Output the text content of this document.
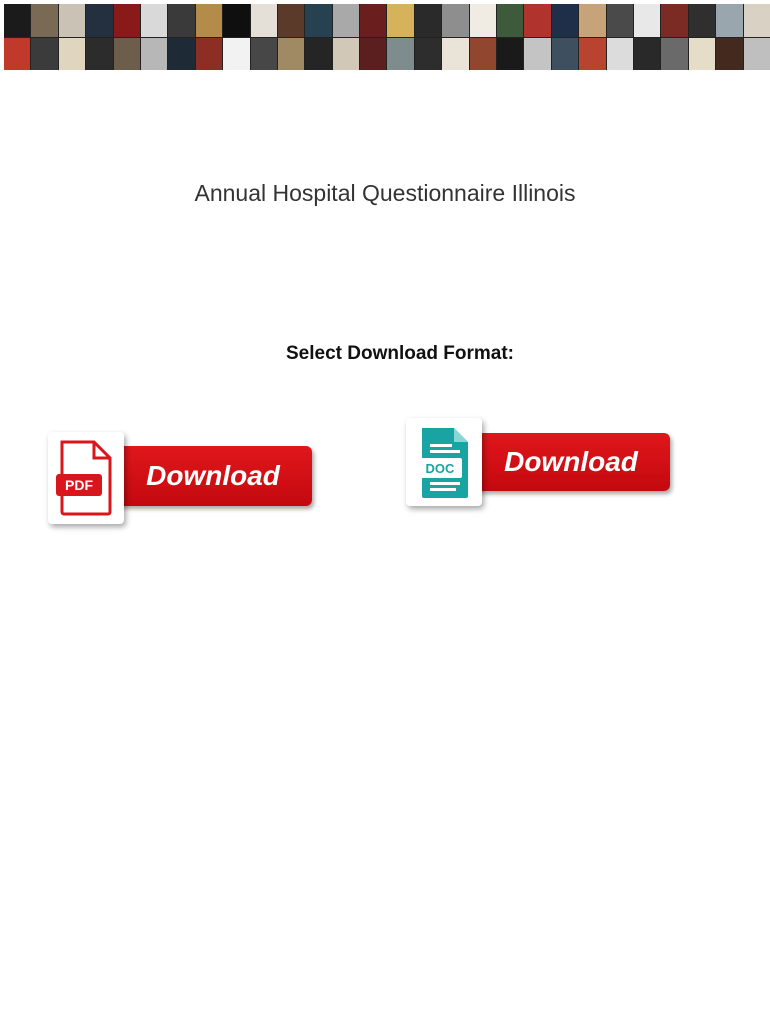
Annual Hospital Questionnaire Illinois
Select Download Format:
Download
PDF
Download
DOC
